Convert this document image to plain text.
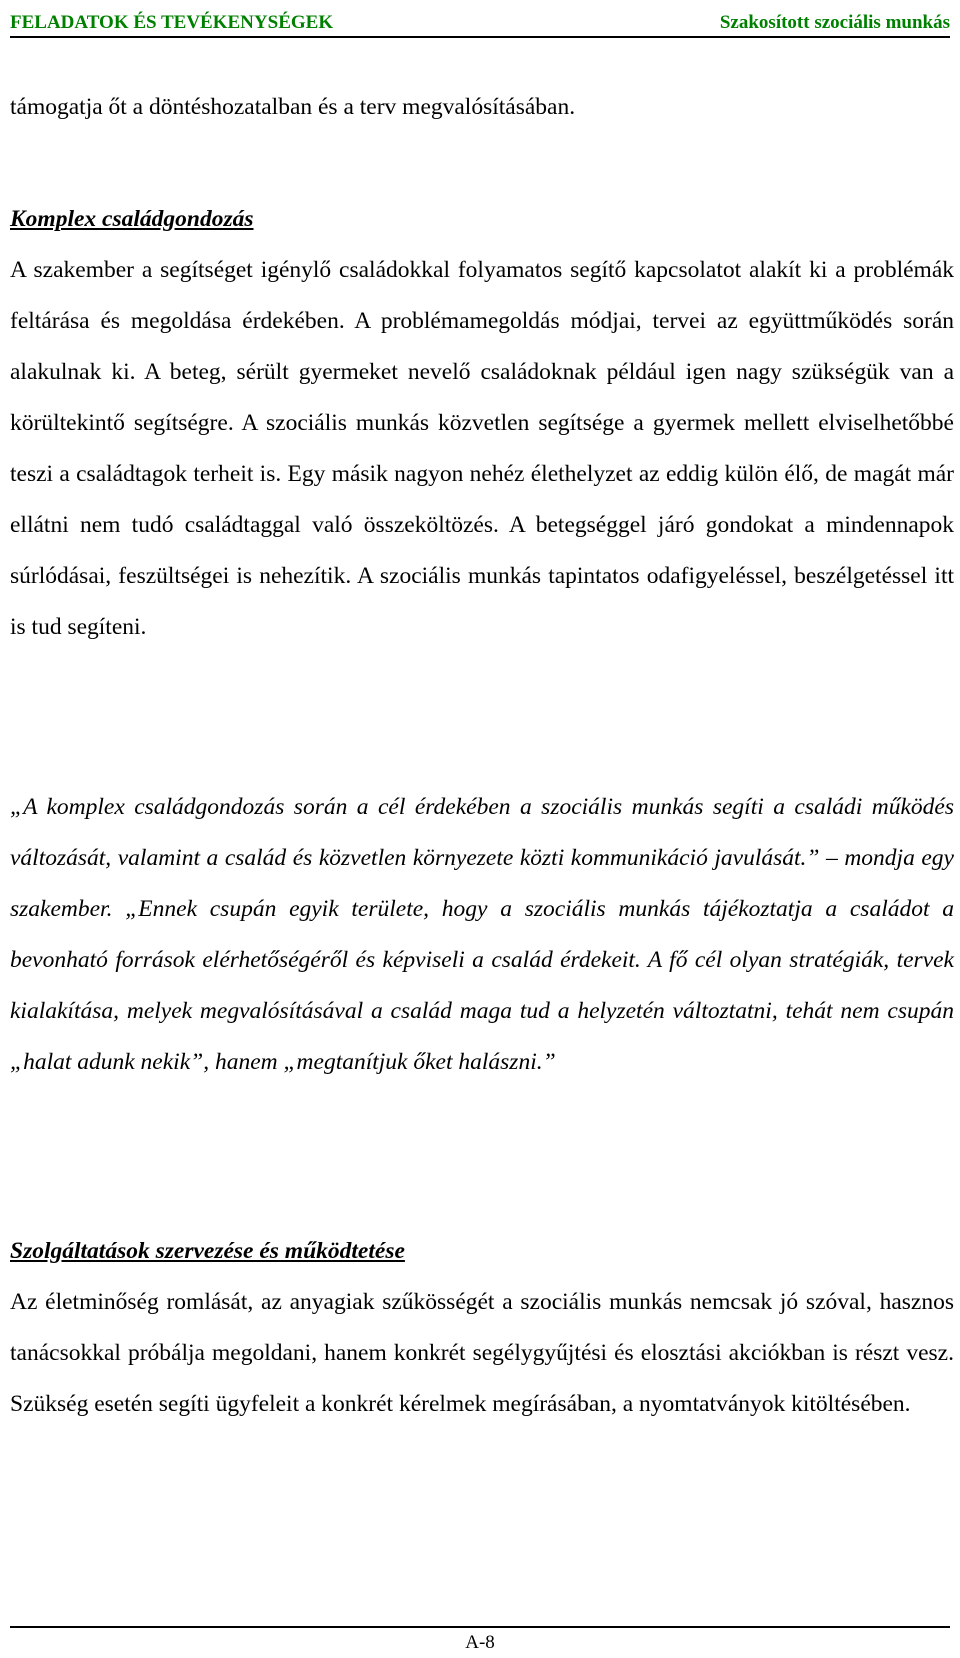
FELADATOK ÉS TEVÉKENYSÉGEK	Szakosított szociális munkás

támogatja őt a döntéshozatalban és a terv megvalósításában.

Komplex családgondozás

A szakember a segítséget igénylő családokkal folyamatos segítő kapcsolatot alakít ki a problémák feltárása és megoldása érdekében. A problémamegoldás módjai, tervei az együttműködés során alakulnak ki. A beteg, sérült gyermeket nevelő családoknak például igen nagy szükségük van a körültekintő segítségre. A szociális munkás közvetlen segítsége a gyermek mellett elviselhetőbbé teszi a családtagok terheit is. Egy másik nagyon nehéz élethelyzet az eddig külön élő, de magát már ellátni nem tudó családtaggal való összeköltözés. A betegséggel járó gondokat a mindennapok súrlódásai, feszültségei is nehezítik. A szociális munkás tapintatos odafigyeléssel, beszélgetéssel itt is tud segíteni.

„A komplex családgondozás során a cél érdekében a szociális munkás segíti a családi működés változását, valamint a család és közvetlen környezete közti kommunikáció javulását.” – mondja egy szakember. „Ennek csupán egyik területe, hogy a szociális munkás tájékoztatja a családot a bevonható források elérhetőségéről és képviseli a család érdekeit. A fő cél olyan stratégiák, tervek kialakítása, melyek megvalósításával a család maga tud a helyzetén változtatni, tehát nem csupán „halat adunk nekik”, hanem „megtanítjuk őket halászni.”

Szolgáltatások szervezése és működtetése

Az életminőség romlását, az anyagiak szűkösségét a szociális munkás nemcsak jó szóval, hasznos tanácsokkal próbálja megoldani, hanem konkrét segélygyűjtési és elosztási akciókban is részt vesz. Szükség esetén segíti ügyfeleit a konkrét kérelmek megírásában, a nyomtatványok kitöltésében.

A-8
